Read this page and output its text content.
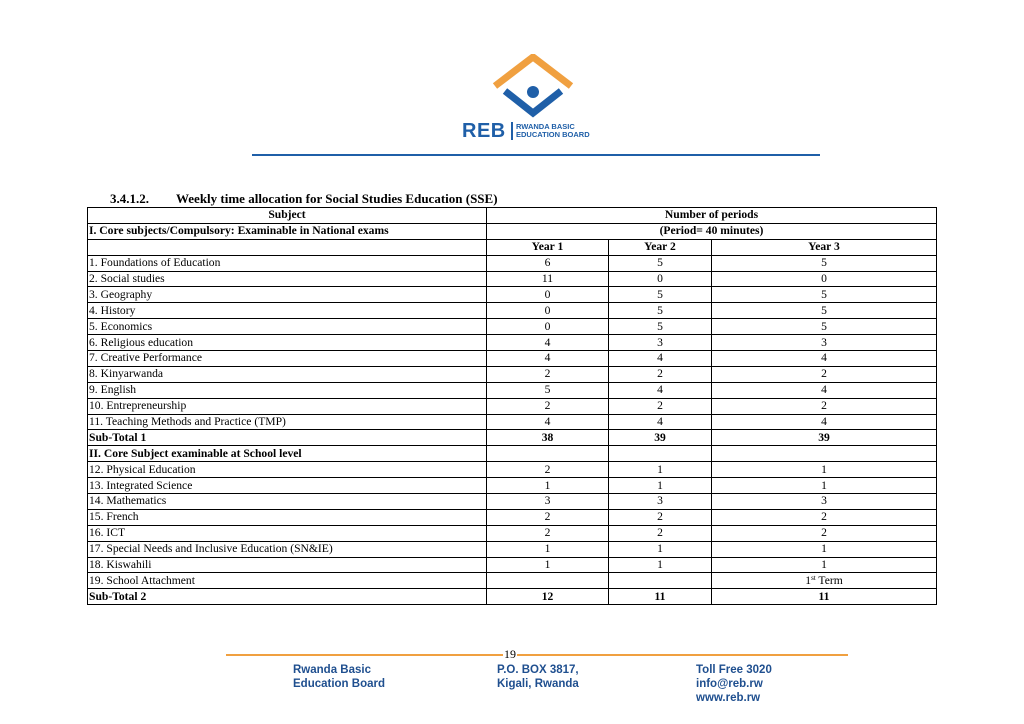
REB RWANDA BASIC
EDUCATION BOARD
3.4.1.2. Weekly time allocation for Social Studies Education (SSE)
Subject	Number of periods		
I. Core subjects/Compulsory: Examinable in National exams	(Period= 40 minutes)		
	Year 1	Year 2	Year 3
1. Foundations of Education	6	5	5
2. Social studies	11	0	0
3. Geography	0	5	5
4. History	0	5	5
5. Economics	0	5	5
6. Religious education	4	3	3
7. Creative Performance	4	4	4
8. Kinyarwanda	2	2	2
9. English	5	4	4
10. Entrepreneurship	2	2	2
11. Teaching Methods and Practice (TMP)	4	4	4
Sub-Total 1	38	39	39
II. Core Subject examinable at School level			
12. Physical Education	2	1	1
13. Integrated Science	1	1	1
14. Mathematics	3	3	3
15. French	2	2	2
16. ICT	2	2	2
17. Special Needs and Inclusive Education (SN&IE)	1	1	1
18. Kiswahili	1	1	1
19. School Attachment			1st Term
Sub-Total 2	12	11	11
19
Rwanda Basic
Education Board
P.O. BOX 3817,
Kigali, Rwanda
Toll Free 3020
info@reb.rw
www.reb.rw
